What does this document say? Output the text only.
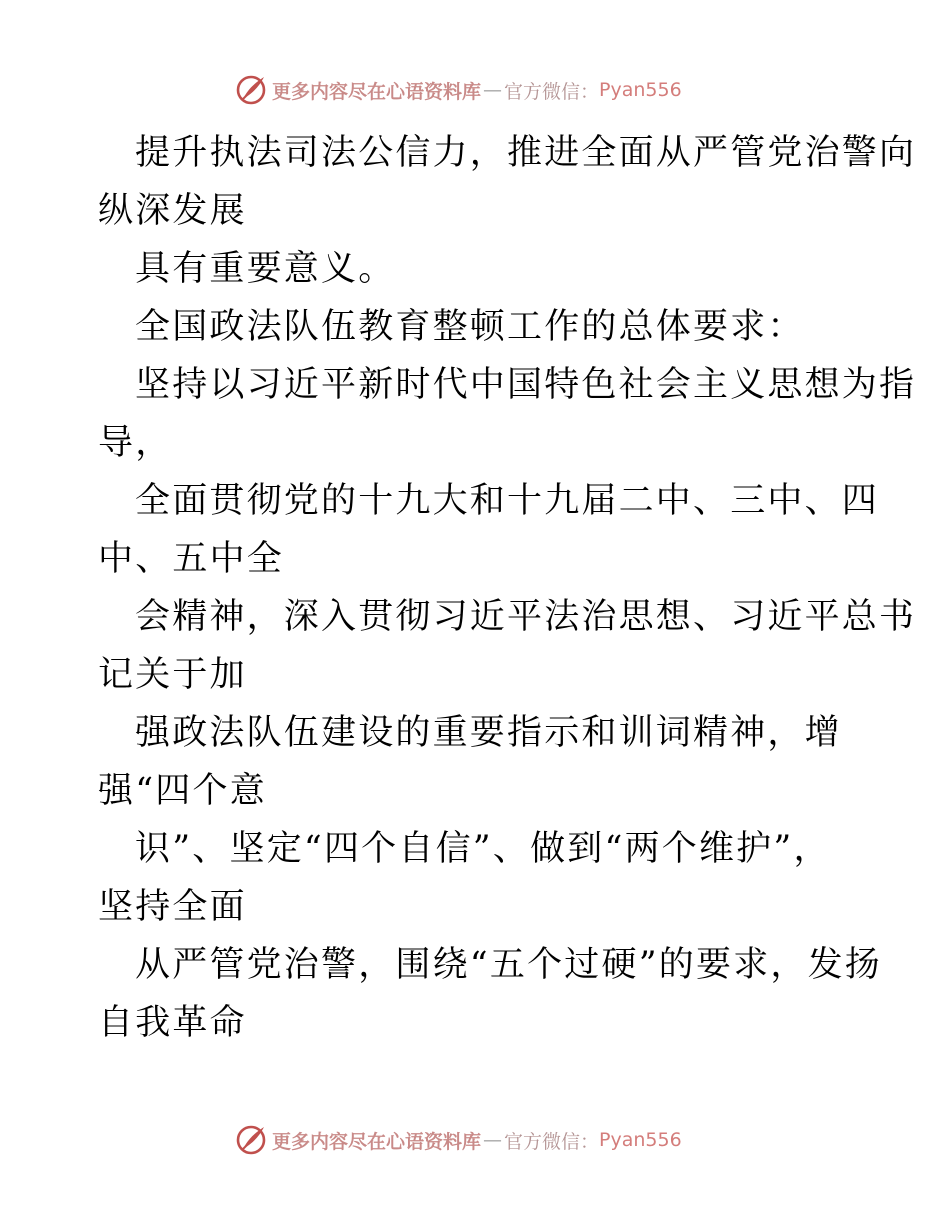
更多内容尽在心语资料库 — 官方微信： Pyan556
提升执法司法公信力，推进全面从严管党治警向
纵深发展
具有重要意义。
全国政法队伍教育整顿工作的总体要求：
坚持以习近平新时代中国特色社会主义思想为指
导，
全面贯彻党的十九大和十九届二中、三中、四
中、五中全
会精神，深入贯彻习近平法治思想、习近平总书
记关于加
强政法队伍建设的重要指示和训词精神，增
强“四个意
识”、坚定“四个自信”、做到“两个维护”，
坚持全面
从严管党治警，围绕“五个过硬”的要求，发扬
自我革命
更多内容尽在心语资料库 — 官方微信： Pyan556
